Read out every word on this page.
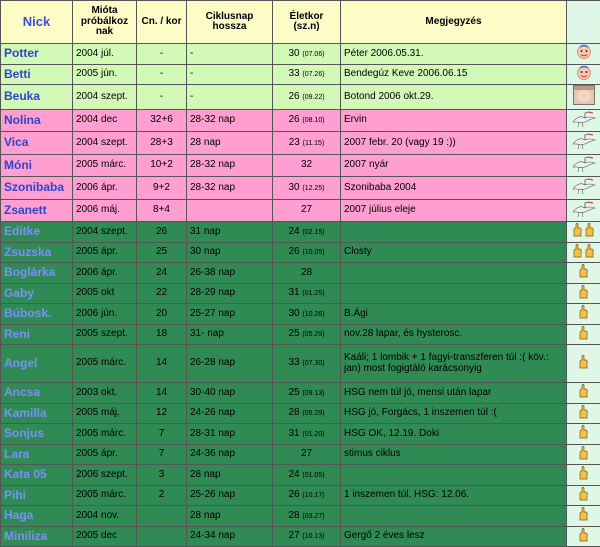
Nick	Mióta próbálkoz nak	Cn. / kor	Ciklusnap hossza	Életkor (sz.n)	Megjegyzés	
Potter	2004 júl.	-	-	30 (07.06)	Péter 2006.05.31.	
Betti	2005 jún.	-	-	33 (07.26)	Bendegúz Keve 2006.06.15	
Beuka	2004 szept.	-	-	26 (09.22)	Botond 2006 okt.29.	
Nolina	2004 dec	32+6	28-32 nap	26 (08.10)	Ervin	
Vica	2004 szept.	28+3	28 nap	23 (11.15)	2007 febr. 20 (vagy 19 :))	
Móni	2005 márc.	10+2	28-32 nap	32	2007 nyár	
Szonibaba	2006 ápr.	9+2	28-32 nap	30 (12.25)	Szonibaba 2004	
Zsanett	2006 máj.	8+4		27	2007 július eleje	
Editke	2004 szept.	26	31 nap	24 (02.15)		
Zsuzska	2005 ápr.	25	30 nap	26 (10.05)	Closty	
Boglárka	2006 ápr.	24	26-38 nap	28		
Gaby	2005 okt	22	28-29 nap	31 (01.25)		
Búbosk.	2006 jún.	20	25-27 nap	30 (10.26)	B.Ági	
Reni	2005 szept.	18	31- nap	25 (05.29)	nov.28 lapar, és hysterosc.	
Angel	2005 márc.	14	26-28 nap	33 (07.30)	Kaáli; 1 lombik + 1 fagyi-transzferen túl :( köv.: jan) most fogigtáló karácsonyig	
Ancsa	2003 okt.	14	30-40 nap	25 (09.13)	HSG nem túl jó, mensi után lapar	
Kamilla	2005 máj.	12	24-26 nap	28 (05.29)	HSG jó, Forgács, 1 inszemen túl :(	
Sonjus	2005 márc.	7	28-31 nap	31 (01.20)	HSG OK, 12.19. Doki	
Lara	2005 ápr.	7	24-36 nap	27	stimus ciklus	
Kata 05	2006 szept.	3	28 nap	24 (01.05)		
Pihi	2005 márc.	2	25-26 nap	26 (10.17)	1 inszemen túl, HSG: 12.06.	
Haga	2004 nov.		28 nap	28 (03.27)		
Miniliza	2005 dec		24-34 nap	27 (10.13)	Gergő 2 éves lesz	
